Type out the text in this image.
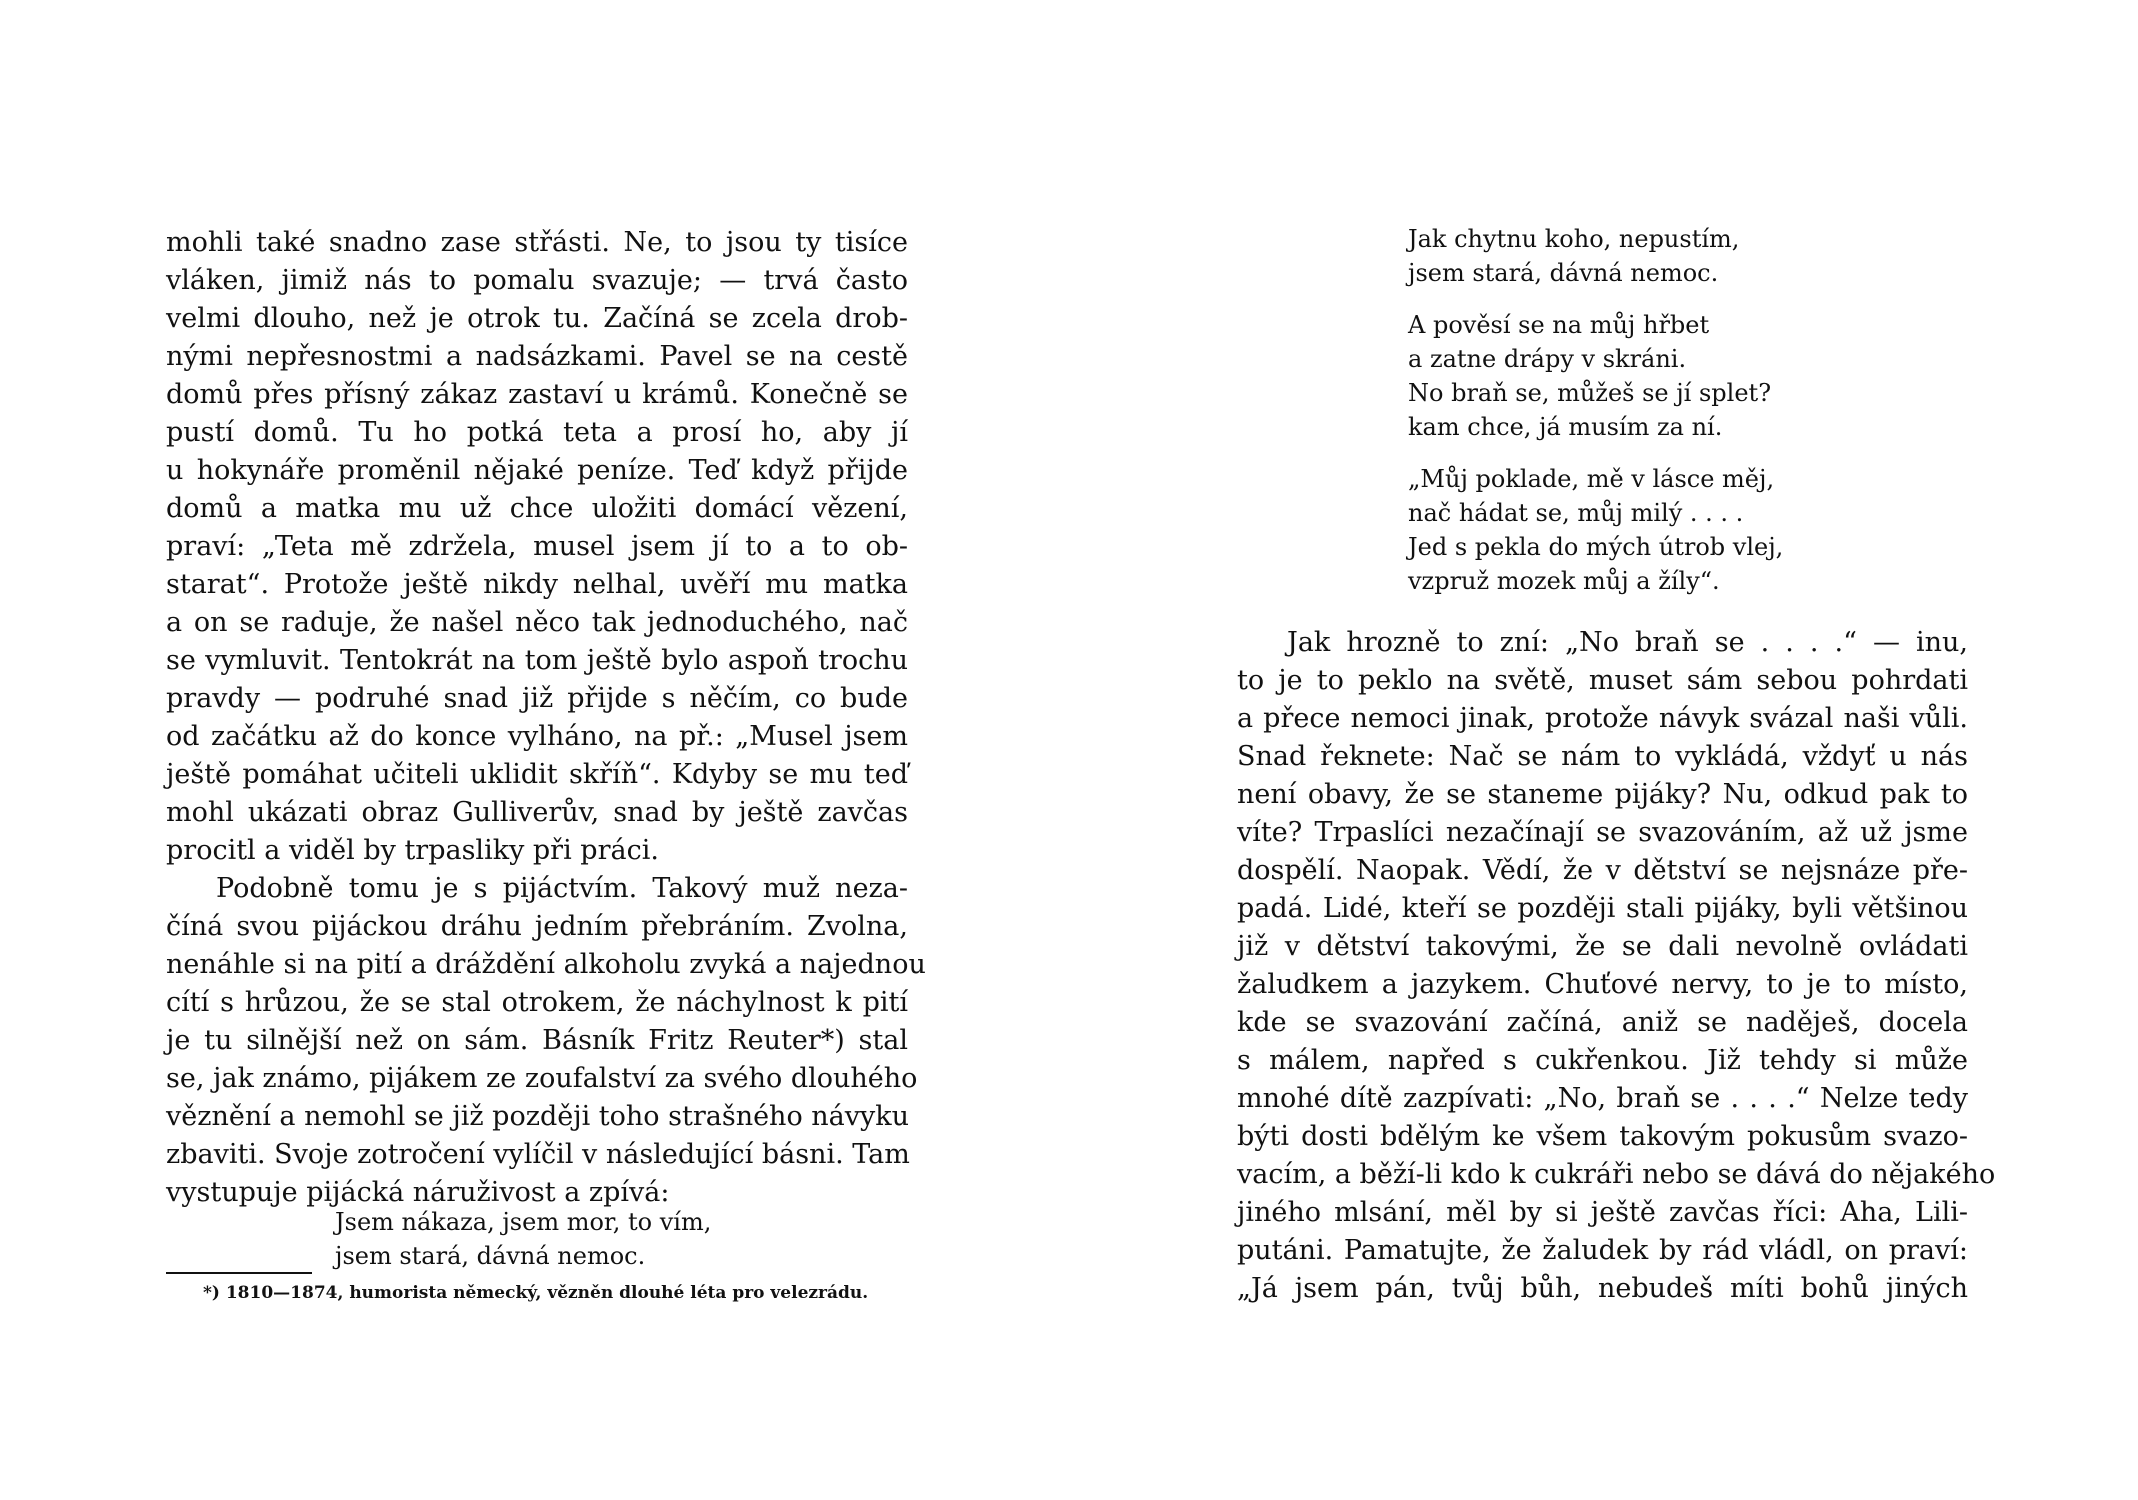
mohli také snadno zase střásti. Ne, to jsou ty tisíce
vláken, jimiž nás to pomalu svazuje; — trvá často
velmi dlouho, než je otrok tu. Začíná se zcela drob-
nými nepřesnostmi a nadsázkami. Pavel se na cestě
domů přes přísný zákaz zastaví u krámů. Konečně se
pustí domů. Tu ho potká teta a prosí ho, aby jí
u hokynáře proměnil nějaké peníze. Teď když přijde
domů a matka mu už chce uložiti domácí vězení,
praví: „Teta mě zdržela, musel jsem jí to a to ob-
starat“. Protože ještě nikdy nelhal, uvěří mu matka
a on se raduje, že našel něco tak jednoduchého, nač
se vymluvit. Tentokrát na tom ještě bylo aspoň trochu
pravdy — podruhé snad již přijde s něčím, co bude
od začátku až do konce vylháno, na př.: „Musel jsem
ještě pomáhat učiteli uklidit skříň“. Kdyby se mu teď
mohl ukázati obraz Gulliverův, snad by ještě zavčas
procitl a viděl by trpasliky při práci.
Podobně tomu je s pijáctvím. Takový muž neza-
číná svou pijáckou dráhu jedním přebráním. Zvolna,
nenáhle si na pití a dráždění alkoholu zvyká a najednou
cítí s hrůzou, že se stal otrokem, že náchylnost k pití
je tu silnější než on sám. Básník Fritz Reuter*) stal
se, jak známo, pijákem ze zoufalství za svého dlouhého
věznění a nemohl se již později toho strašného návyku
zbaviti. Svoje zotročení vylíčil v následující básni. Tam
vystupuje pijácká náruživost a zpívá:
Jsem nákaza, jsem mor, to vím,
jsem stará, dávná nemoc.
*) 1810—1874, humorista německý, vězněn dlouhé léta pro velezrádu.
Jak chytnu koho, nepustím,
jsem stará, dávná nemoc.
A pověsí se na můj hřbet
a zatne drápy v skráni.
No braň se, můžeš se jí splet?
kam chce, já musím za ní.
„Můj poklade, mě v lásce měj,
nač hádat se, můj milý . . . .
Jed s pekla do mých útrob vlej,
vzpruž mozek můj a žíly“.
Jak hrozně to zní: „No braň se . . . .“ — inu,
to je to peklo na světě, muset sám sebou pohrdati
a přece nemoci jinak, protože návyk svázal naši vůli.
Snad řeknete: Nač se nám to vykládá, vždyť u nás
není obavy, že se staneme pijáky? Nu, odkud pak to
víte? Trpaslíci nezačínají se svazováním, až už jsme
dospělí. Naopak. Vědí, že v dětství se nejsnáze pře-
padá. Lidé, kteří se později stali pijáky, byli většinou
již v dětství takovými, že se dali nevolně ovládati
žaludkem a jazykem. Chuťové nervy, to je to místo,
kde se svazování začíná, aniž se naděješ, docela
s málem, napřed s cukřenkou. Již tehdy si může
mnohé dítě zazpívati: „No, braň se . . . .“ Nelze tedy
býti dosti bdělým ke všem takovým pokusům svazo-
vacím, a běží-li kdo k cukráři nebo se dává do nějakého
jiného mlsání, měl by si ještě zavčas říci: Aha, Lili-
putáni. Pamatujte, že žaludek by rád vládl, on praví:
„Já jsem pán, tvůj bůh, nebudeš míti bohů jiných
